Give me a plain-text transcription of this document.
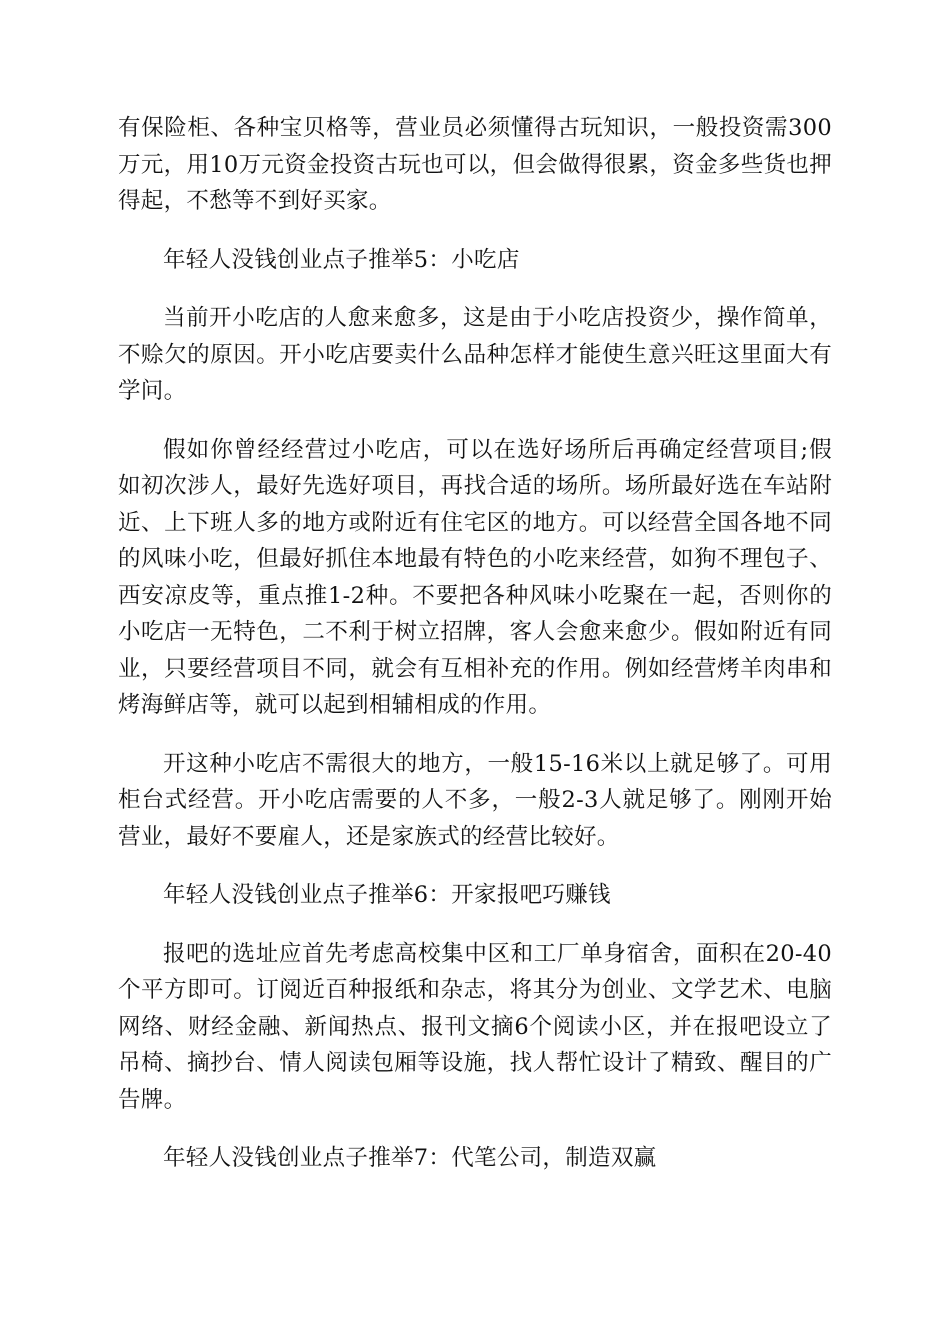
有保险柜、各种宝贝格等，营业员必须懂得古玩知识，一般投资需300万元，用10万元资金投资古玩也可以，但会做得很累，资金多些货也押得起，不愁等不到好买家。

年轻人没钱创业点子推举5：小吃店

当前开小吃店的人愈来愈多，这是由于小吃店投资少，操作简单，不赊欠的原因。开小吃店要卖什么品种怎样才能使生意兴旺这里面大有学问。

假如你曾经经营过小吃店，可以在选好场所后再确定经营项目;假如初次涉人，最好先选好项目，再找合适的场所。场所最好选在车站附近、上下班人多的地方或附近有住宅区的地方。可以经营全国各地不同的风味小吃，但最好抓住本地最有特色的小吃来经营，如狗不理包子、西安凉皮等，重点推1-2种。不要把各种风味小吃聚在一起，否则你的小吃店一无特色，二不利于树立招牌，客人会愈来愈少。假如附近有同业，只要经营项目不同，就会有互相补充的作用。例如经营烤羊肉串和烤海鲜店等，就可以起到相辅相成的作用。

开这种小吃店不需很大的地方，一般15-16米以上就足够了。可用柜台式经营。开小吃店需要的人不多，一般2-3人就足够了。刚刚开始营业，最好不要雇人，还是家族式的经营比较好。

年轻人没钱创业点子推举6：开家报吧巧赚钱

报吧的选址应首先考虑高校集中区和工厂单身宿舍，面积在20-40个平方即可。订阅近百种报纸和杂志，将其分为创业、文学艺术、电脑网络、财经金融、新闻热点、报刊文摘6个阅读小区，并在报吧设立了吊椅、摘抄台、情人阅读包厢等设施，找人帮忙设计了精致、醒目的广告牌。

年轻人没钱创业点子推举7：代笔公司，制造双赢
